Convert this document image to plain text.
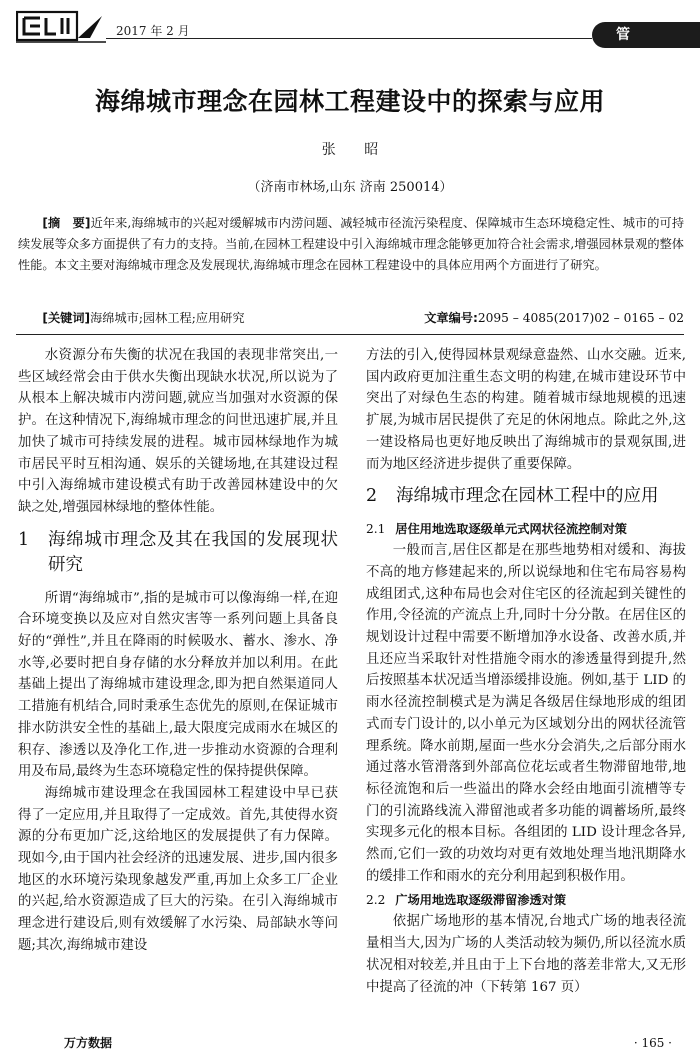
2017 年 2 月	管 理
海绵城市理念在园林工程建设中的探索与应用
张 昭
（济南市林场,山东 济南 250014）

[摘　要]近年来,海绵城市的兴起对缓解城市内涝问题、减轻城市径流污染程度、保障城市生态环境稳定性、城市的可持续发展等众多方面提供了有力的支持。当前,在园林工程建设中引入海绵城市理念能够更加符合社会需求,增强园林景观的整体性能。本文主要对海绵城市理念及发展现状,海绵城市理念在园林工程建设中的具体应用两个方面进行了研究。

[关键词]海绵城市;园林工程;应用研究	文章编号:2095 – 4085(2017)02 – 0165 – 02

水资源分布失衡的状况在我国的表现非常突出,一些区域经常会由于供水失衡出现缺水状况,所以说为了从根本上解决城市内涝问题,就应当加强对水资源的保护。在这种情况下,海绵城市理念的问世迅速扩展,并且加快了城市可持续发展的进程。城市园林绿地作为城市居民平时互相沟通、娱乐的关键场地,在其建设过程中引入海绵城市建设模式有助于改善园林建设中的欠缺之处,增强园林绿地的整体性能。

1	海绵城市理念及其在我国的发展现状研究

所谓“海绵城市”,指的是城市可以像海绵一样,在迎合环境变换以及应对自然灾害等一系列问题上具备良好的“弹性”,并且在降雨的时候吸水、蓄水、渗水、净水等,必要时把自身存储的水分释放并加以利用。在此基础上提出了海绵城市建设理念,即为把自然渠道同人工措施有机结合,同时秉承生态优先的原则,在保证城市排水防洪安全性的基础上,最大限度完成雨水在城区的积存、渗透以及净化工作,进一步推动水资源的合理利用及布局,最终为生态环境稳定性的保持提供保障。

海绵城市建设理念在我国园林工程建设中早已获得了一定应用,并且取得了一定成效。首先,其使得水资源的分布更加广泛,这给地区的发展提供了有力保障。现如今,由于国内社会经济的迅速发展、进步,国内很多地区的水环境污染现象越发严重,再加上众多工厂企业的兴起,给水资源造成了巨大的污染。在引入海绵城市理念进行建设后,则有效缓解了水污染、局部缺水等问题;其次,海绵城市建设

方法的引入,使得园林景观绿意盎然、山水交融。近来,国内政府更加注重生态文明的构建,在城市建设环节中突出了对绿色生态的构建。随着城市绿地规模的迅速扩展,为城市居民提供了充足的休闲地点。除此之外,这一建设格局也更好地反映出了海绵城市的景观氛围,进而为地区经济进步提供了重要保障。

2	海绵城市理念在园林工程中的应用
2.1 居住用地选取逐级单元式网状径流控制对策

一般而言,居住区都是在那些地势相对缓和、海拔不高的地方修建起来的,所以说绿地和住宅布局容易构成组团式,这种布局也会对住宅区的径流起到关键性的作用,令径流的产流点上升,同时十分分散。在居住区的规划设计过程中需要不断增加净水设备、改善水质,并且还应当采取针对性措施令雨水的渗透量得到提升,然后按照基本状况适当增添缓排设施。例如,基于 LID 的雨水径流控制模式是为满足各级居住绿地形成的组团式而专门设计的,以小单元为区域划分出的网状径流管理系统。降水前期,屋面一些水分会消失,之后部分雨水通过落水管滑落到外部高位花坛或者生物滞留地带,地标径流饱和后一些溢出的降水会经由地面引流槽等专门的引流路线流入滞留池或者多功能的调蓄场所,最终实现多元化的根本目标。各组团的 LID 设计理念各异,然而,它们一致的功效均对更有效地处理当地汛期降水的缓排工作和雨水的充分利用起到积极作用。

2.2 广场用地选取逐级滞留渗透对策

依据广场地形的基本情况,台地式广场的地表径流量相当大,因为广场的人类活动较为频仍,所以径流水质状况相对较差,并且由于上下台地的落差非常大,又无形中提高了径流的冲（下转第 167 页）

万方数据	· 165 ·
